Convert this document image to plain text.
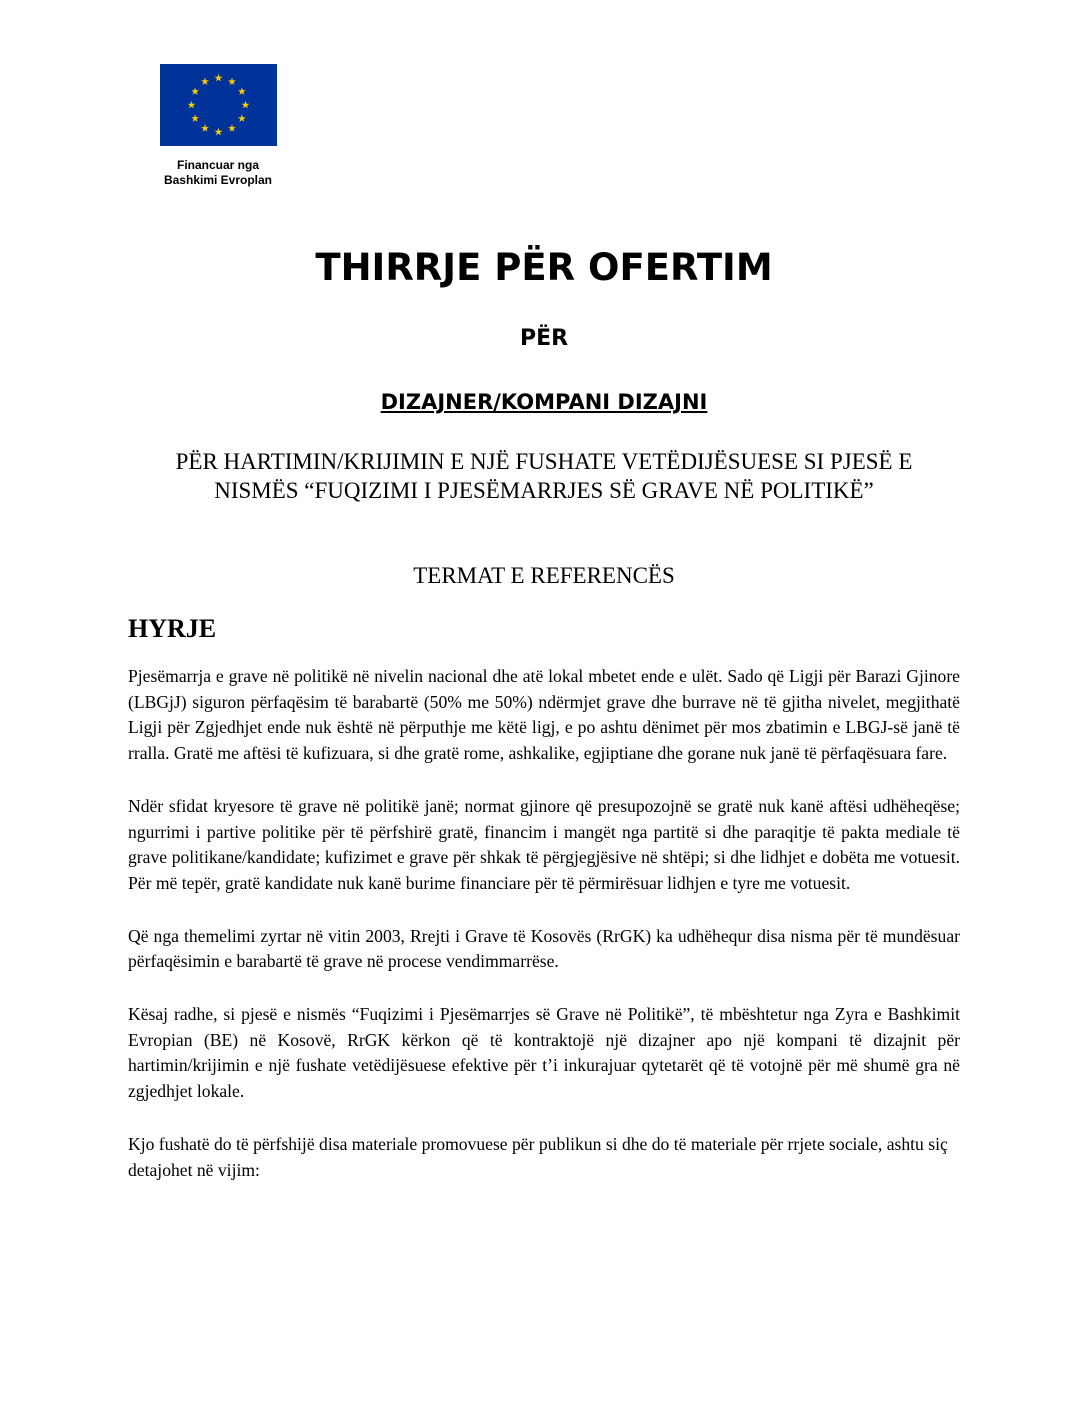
Financuar nga
Bashkimi Evroplan
THIRRJE PËR OFERTIM
PËR
DIZAJNER/KOMPANI DIZAJNI
PËR HARTIMIN/KRIJIMIN E NJË FUSHATE VETËDIJËSUESE SI PJESË E NISMËS “FUQIZIMI I PJESËMARRJES SË GRAVE NË POLITIKË”
TERMAT E REFERENCËS
HYRJE

Pjesëmarrja e grave në politikë në nivelin nacional dhe atë lokal mbetet ende e ulët. Sado që Ligji për Barazi Gjinore (LBGjJ) siguron përfaqësim të barabartë (50% me 50%) ndërmjet grave dhe burrave në të gjitha nivelet, megjithatë Ligji për Zgjedhjet ende nuk është në përputhje me këtë ligj, e po ashtu dënimet për mos zbatimin e LBGJ-së janë të rralla. Gratë me aftësi të kufizuara, si dhe gratë rome, ashkalike, egjiptiane dhe gorane nuk janë të përfaqësuara fare.

Ndër sfidat kryesore të grave në politikë janë; normat gjinore që presupozojnë se gratë nuk kanë aftësi udhëheqëse; ngurrimi i partive politike për të përfshirë gratë, financim i mangët nga partitë si dhe paraqitje të pakta mediale të grave politikane/kandidate; kufizimet e grave për shkak të përgjegjësive në shtëpi; si dhe lidhjet e dobëta me votuesit. Për më tepër, gratë kandidate nuk kanë burime financiare për të përmirësuar lidhjen e tyre me votuesit.

Që nga themelimi zyrtar në vitin 2003, Rrejti i Grave të Kosovës (RrGK) ka udhëhequr disa nisma për të mundësuar përfaqësimin e barabartë të grave në procese vendimmarrëse.

Kësaj radhe, si pjesë e nismës “Fuqizimi i Pjesëmarrjes së Grave në Politikë”, të mbështetur nga Zyra e Bashkimit Evropian (BE) në Kosovë, RrGK kërkon që të kontraktojë një dizajner apo një kompani të dizajnit për hartimin/krijimin e një fushate vetëdijësuese efektive për t’i inkurajuar qytetarët që të votojnë për më shumë gra në zgjedhjet lokale.

Kjo fushatë do të përfshijë disa materiale promovuese për publikun si dhe do të materiale për rrjete sociale, ashtu siç detajohet në vijim:
